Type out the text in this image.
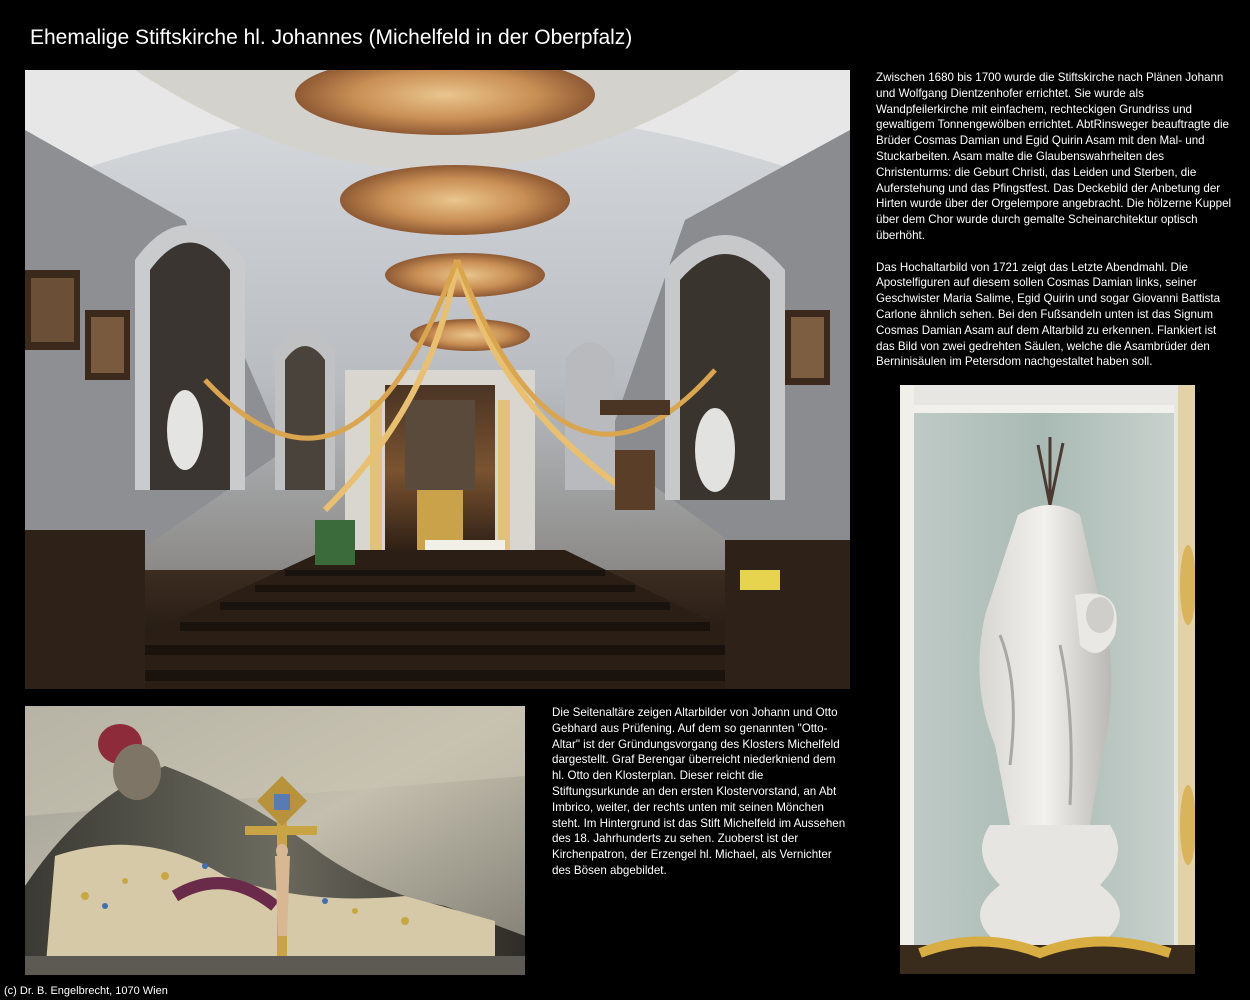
Ehemalige Stiftskirche hl. Johannes (Michelfeld in der Oberpfalz)

Zwischen 1680 bis 1700 wurde die Stiftskirche nach Plänen Johann und Wolfgang Dientzenhofer errichtet. Sie wurde als Wandpfeilerkirche mit einfachem, rechteckigen Grundriss und gewaltigem Tonnengewölben errichtet. AbtRinsweger beauftragte die Brüder Cosmas Damian und Egid Quirin Asam mit den Mal- und Stuckarbeiten. Asam malte die Glaubenswahrheiten des Christenturms: die Geburt Christi, das Leiden und Sterben, die Auferstehung und das Pfingstfest. Das Deckebild der Anbetung der Hirten wurde über der Orgelempore angebracht. Die hölzerne Kuppel über dem Chor wurde durch gemalte Scheinarchitektur optisch überhöht.

Das Hochaltarbild von 1721 zeigt das Letzte Abendmahl. Die Apostelfiguren auf diesem sollen Cosmas Damian links, seiner Geschwister Maria Salime, Egid Quirin und sogar Giovanni Battista Carlone ähnlich sehen. Bei den Fußsandeln unten ist das Signum Cosmas Damian Asam auf dem Altarbild zu erkennen. Flankiert ist das Bild von zwei gedrehten Säulen, welche die Asambrüder den Berninisäulen im Petersdom nachgestaltet haben soll.

Die Seitenaltäre zeigen Altarbilder von Johann und Otto Gebhard aus Prüfening. Auf dem so genannten "Otto-Altar" ist der Gründungsvorgang des Klosters Michelfeld dargestellt. Graf Berengar überreicht niederkniend dem hl. Otto den Klosterplan. Dieser reicht die Stiftungsurkunde an den ersten Klostervorstand, an Abt Imbrico, weiter, der rechts unten mit seinen Mönchen steht. Im Hintergrund ist das Stift Michelfeld im Aussehen des 18. Jahrhunderts zu sehen. Zuoberst ist der Kirchenpatron, der Erzengel hl. Michael, als Vernichter des Bösen abgebildet.

(c) Dr. B. Engelbrecht, 1070 Wien
